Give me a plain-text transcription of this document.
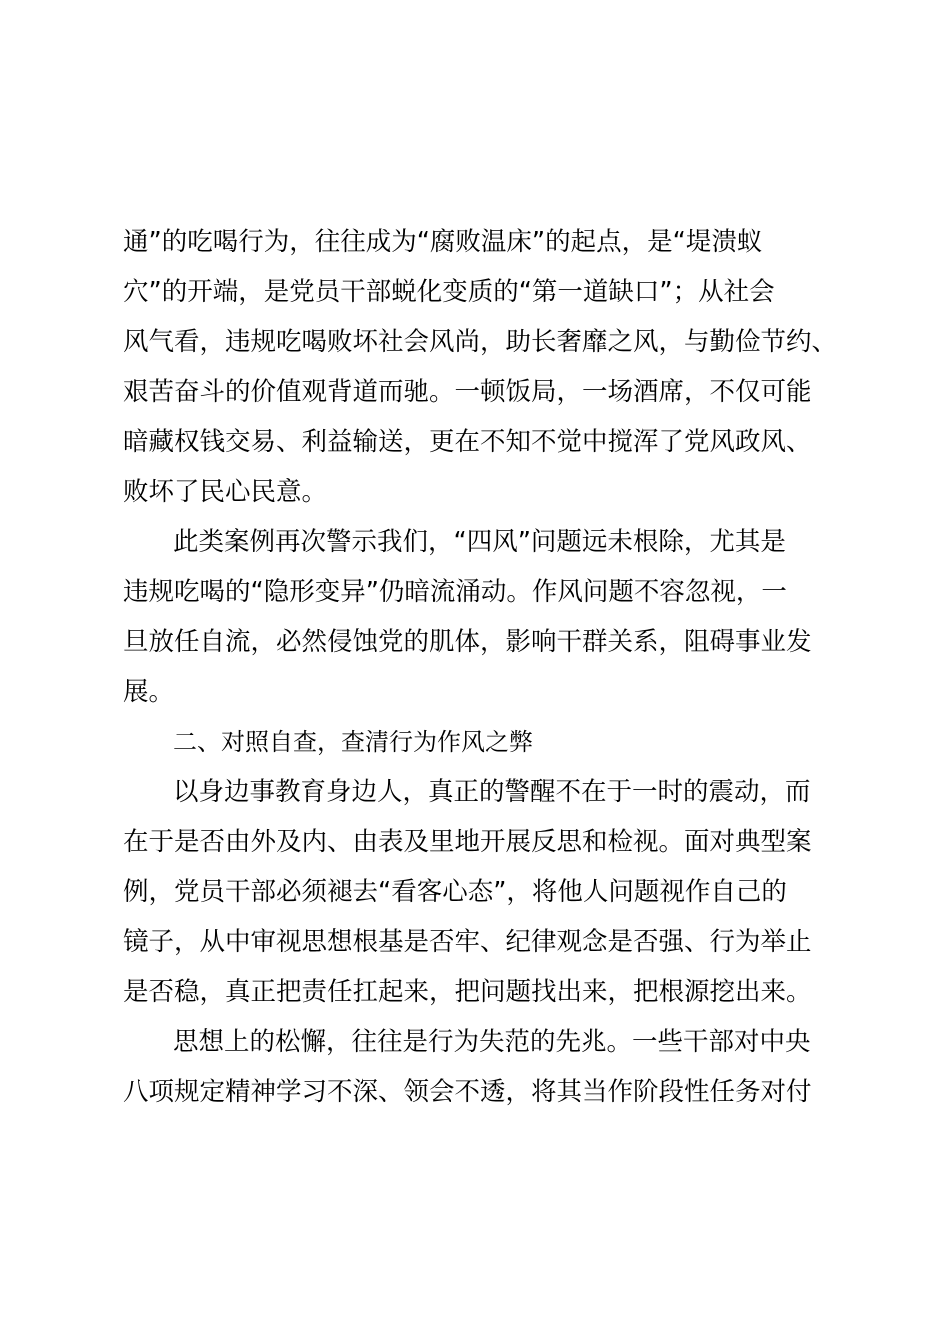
通”的吃喝行为，往往成为“腐败温床”的起点，是“堤溃蚁
穴”的开端，是党员干部蜕化变质的“第一道缺口”；从社会
风气看，违规吃喝败坏社会风尚，助长奢靡之风，与勤俭节约、
艰苦奋斗的价值观背道而驰。一顿饭局，一场酒席，不仅可能
暗藏权钱交易、利益输送，更在不知不觉中搅浑了党风政风、
败坏了民心民意。
此类案例再次警示我们，“四风”问题远未根除，尤其是
违规吃喝的“隐形变异”仍暗流涌动。作风问题不容忽视，一
旦放任自流，必然侵蚀党的肌体，影响干群关系，阻碍事业发
展。
二、对照自查，查清行为作风之弊
以身边事教育身边人，真正的警醒不在于一时的震动，而
在于是否由外及内、由表及里地开展反思和检视。面对典型案
例，党员干部必须褪去“看客心态”，将他人问题视作自己的
镜子，从中审视思想根基是否牢、纪律观念是否强、行为举止
是否稳，真正把责任扛起来，把问题找出来，把根源挖出来。
思想上的松懈，往往是行为失范的先兆。一些干部对中央
八项规定精神学习不深、领会不透，将其当作阶段性任务对付
